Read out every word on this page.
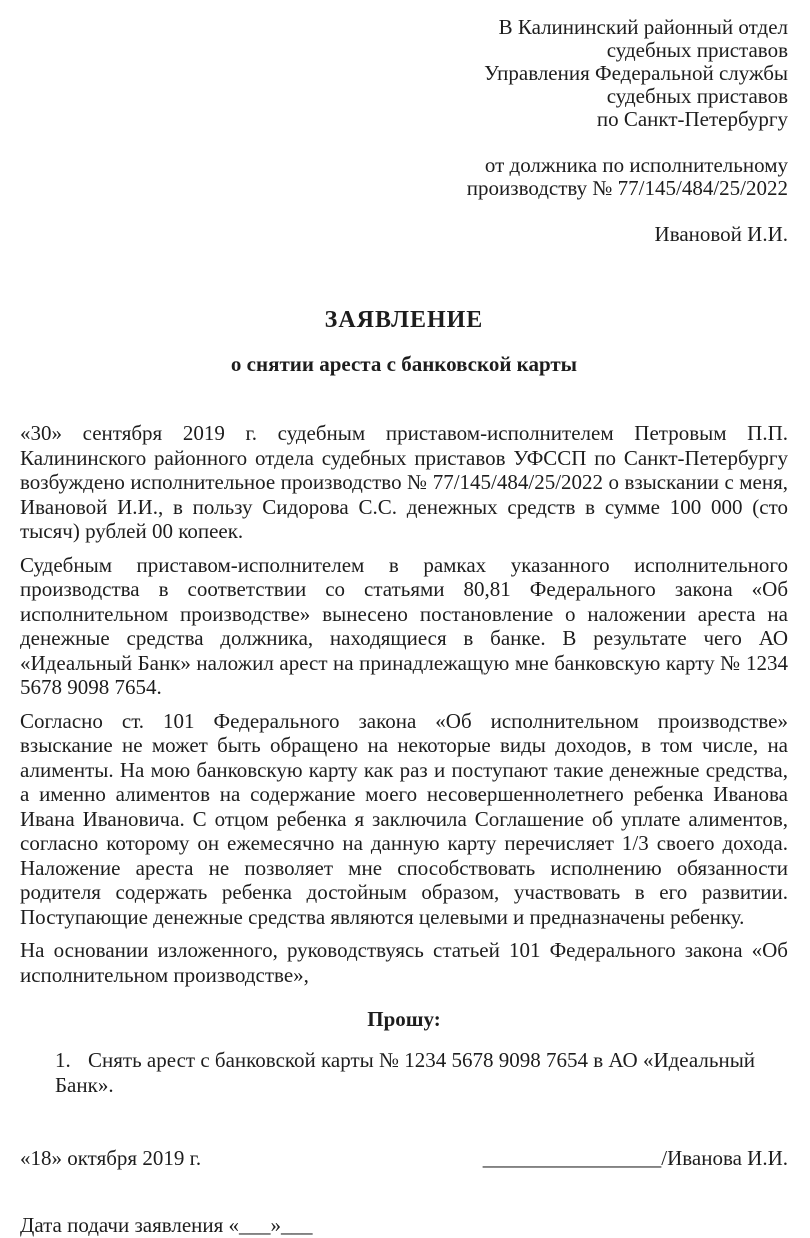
В Калининский районный отдел
судебных приставов
Управления Федеральной службы
судебных приставов
по Санкт-Петербургу
от должника по исполнительному
производству № 77/145/484/25/2022
Ивановой И.И.
ЗАЯВЛЕНИЕ
о снятии ареста с банковской карты

«30» сентября 2019 г. судебным приставом-исполнителем Петровым П.П. Калининского районного отдела судебных приставов УФССП по Санкт-Петербургу возбуждено исполнительное производство № 77/145/484/25/2022 о взыскании с меня, Ивановой И.И., в пользу Сидорова С.С. денежных средств в сумме 100 000 (сто тысяч) рублей 00 копеек.

Судебным приставом-исполнителем в рамках указанного исполнительного производства в соответствии со статьями 80,81 Федерального закона «Об исполнительном производстве» вынесено постановление о наложении ареста на денежные средства должника, находящиеся в банке. В результате чего АО «Идеальный Банк» наложил арест на принадлежащую мне банковскую карту № 1234 5678 9098 7654.

Согласно ст. 101 Федерального закона «Об исполнительном производстве» взыскание не может быть обращено на некоторые виды доходов, в том числе, на алименты. На мою банковскую карту как раз и поступают такие денежные средства, а именно алиментов на содержание моего несовершеннолетнего ребенка Иванова Ивана Ивановича. С отцом ребенка я заключила Соглашение об уплате алиментов, согласно которому он ежемесячно на данную карту перечисляет 1/3 своего дохода. Наложение ареста не позволяет мне способствовать исполнению обязанности родителя содержать ребенка достойным образом, участвовать в его развитии. Поступающие денежные средства являются целевыми и предназначены ребенку.

На основании изложенного, руководствуясь статьей 101 Федерального закона «Об исполнительном производстве»,

Прошу:
1. Снять арест с банковской карты № 1234 5678 9098 7654 в АО «Идеальный Банк».
«18» октября 2019 г.	_________________/Иванова И.И.
Дата подачи заявления «___»___
